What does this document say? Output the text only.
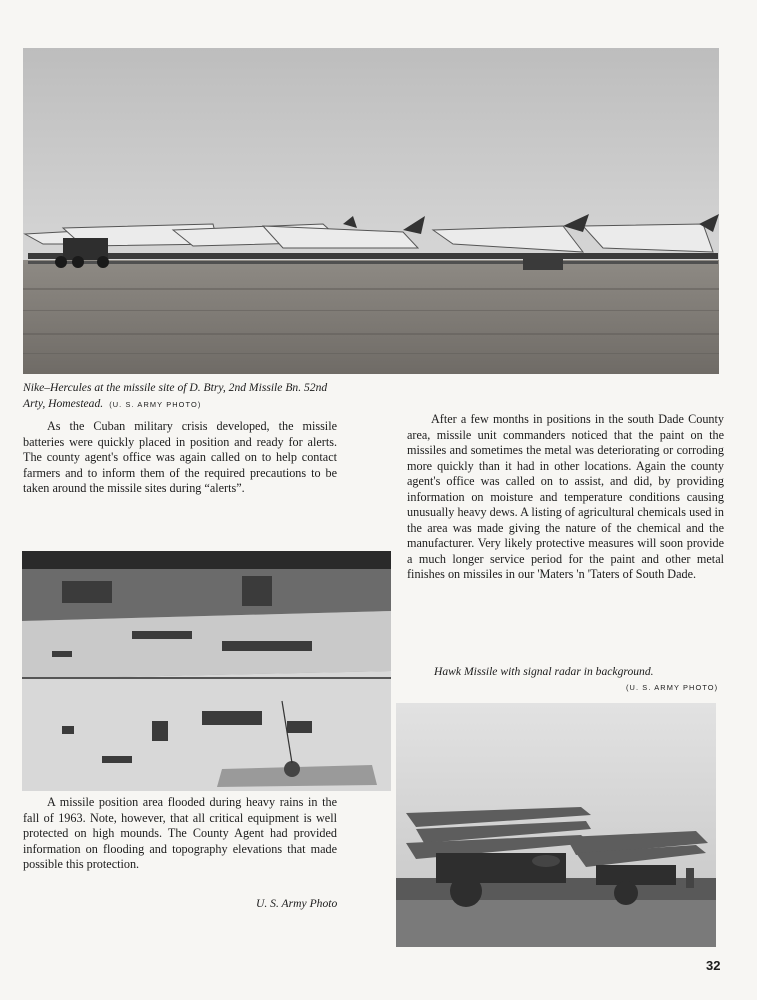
Nike–Hercules at the missile site of D. Btry, 2nd Missile Bn. 52nd Arty, Homestead. (U. S. ARMY PHOTO)

As the Cuban military crisis developed, the missile batteries were quickly placed in position and ready for alerts. The county agent's office was again called on to help contact farmers and to inform them of the required precautions to be taken around the missile sites during “alerts”.

After a few months in positions in the south Dade County area, missile unit commanders noticed that the paint on the missiles and sometimes the metal was deteriorating or corroding more quickly than it had in other locations. Again the county agent's office was called on to assist, and did, by providing information on moisture and temperature conditions causing unusually heavy dews. A listing of agricultural chemicals used in the area was made giving the nature of the chemical and the manufacturer. Very likely protective measures will soon provide a much longer service period for the paint and other metal finishes on missiles in our 'Maters 'n 'Taters of South Dade.

A missile position area flooded during heavy rains in the fall of 1963. Note, however, that all critical equipment is well protected on high mounds. The County Agent had provided information on flooding and topography elevations that made possible this protection.

U. S. Army Photo
Hawk Missile with signal radar in background.
(U. S. ARMY PHOTO)
32
